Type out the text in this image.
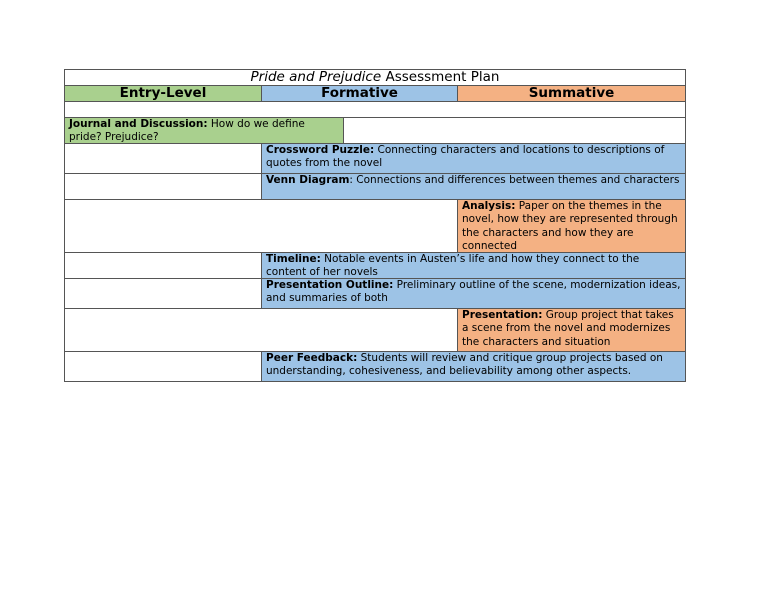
Pride and Prejudice Assessment Plan
Entry-Level	Formative	Summative
Journal and Discussion: How do we define pride? Prejudice?
Crossword Puzzle: Connecting characters and locations to descriptions of quotes from the novel
Venn Diagram: Connections and differences between themes and characters
Analysis: Paper on the themes in the novel, how they are represented through the characters and how they are connected
Timeline: Notable events in Austen’s life and how they connect to the content of her novels
Presentation Outline: Preliminary outline of the scene, modernization ideas, and summaries of both
Presentation: Group project that takes a scene from the novel and modernizes the characters and situation
Peer Feedback: Students will review and critique group projects based on understanding, cohesiveness, and believability among other aspects.
